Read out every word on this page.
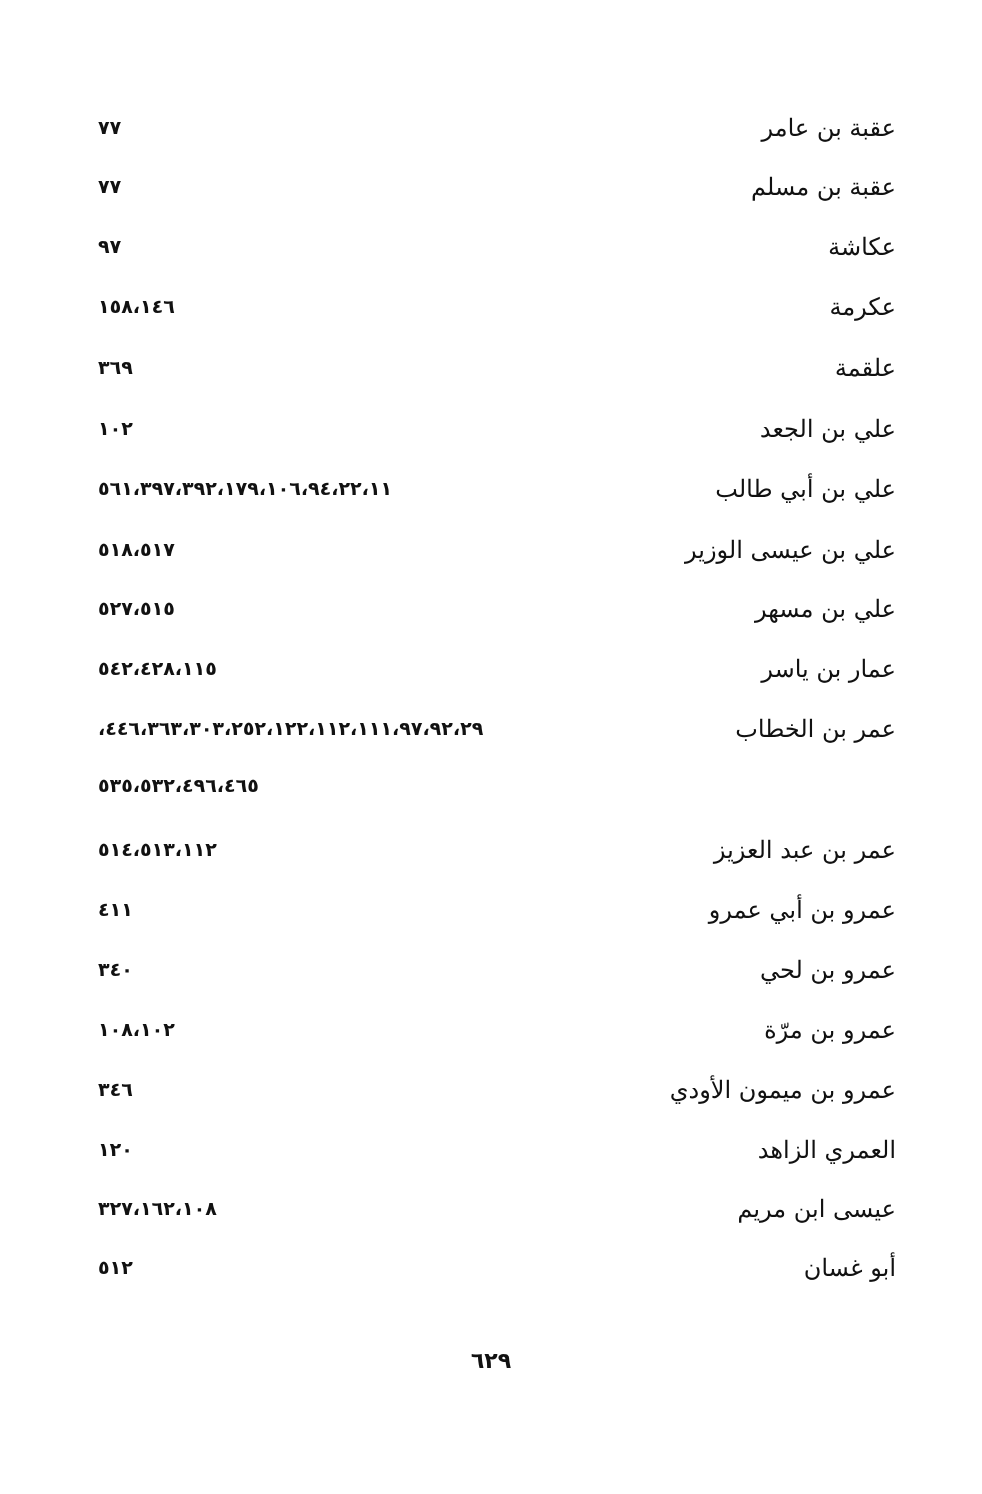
عقبة بن عامر
٧٧
عقبة بن مسلم
٧٧
عكاشة
٩٧
عكرمة
١٥٨،١٤٦
علقمة
٣٦٩
علي بن الجعد
١٠٢
علي بن أبي طالب
٥٦١،٣٩٧،٣٩٢،١٧٩،١٠٦،٩٤،٢٢،١١
علي بن عيسى الوزير
٥١٨،٥١٧
علي بن مسهر
٥٢٧،٥١٥
عمار بن ياسر
٥٤٢،٤٢٨،١١٥
عمر بن الخطاب
،٤٤٦،٣٦٣،٣٠٣،٢٥٢،١٢٢،١١٢،١١١،٩٧،٩٢،٢٩
٥٣٥،٥٣٢،٤٩٦،٤٦٥
عمر بن عبد العزيز
٥١٤،٥١٣،١١٢
عمرو بن أبي عمرو
٤١١
عمرو بن لحي
٣٤٠
عمرو بن مرّة
١٠٨،١٠٢
عمرو بن ميمون الأودي
٣٤٦
العمري الزاهد
١٢٠
عيسى ابن مريم
٣٢٧،١٦٢،١٠٨
أبو غسان
٥١٢
٦٢٩
